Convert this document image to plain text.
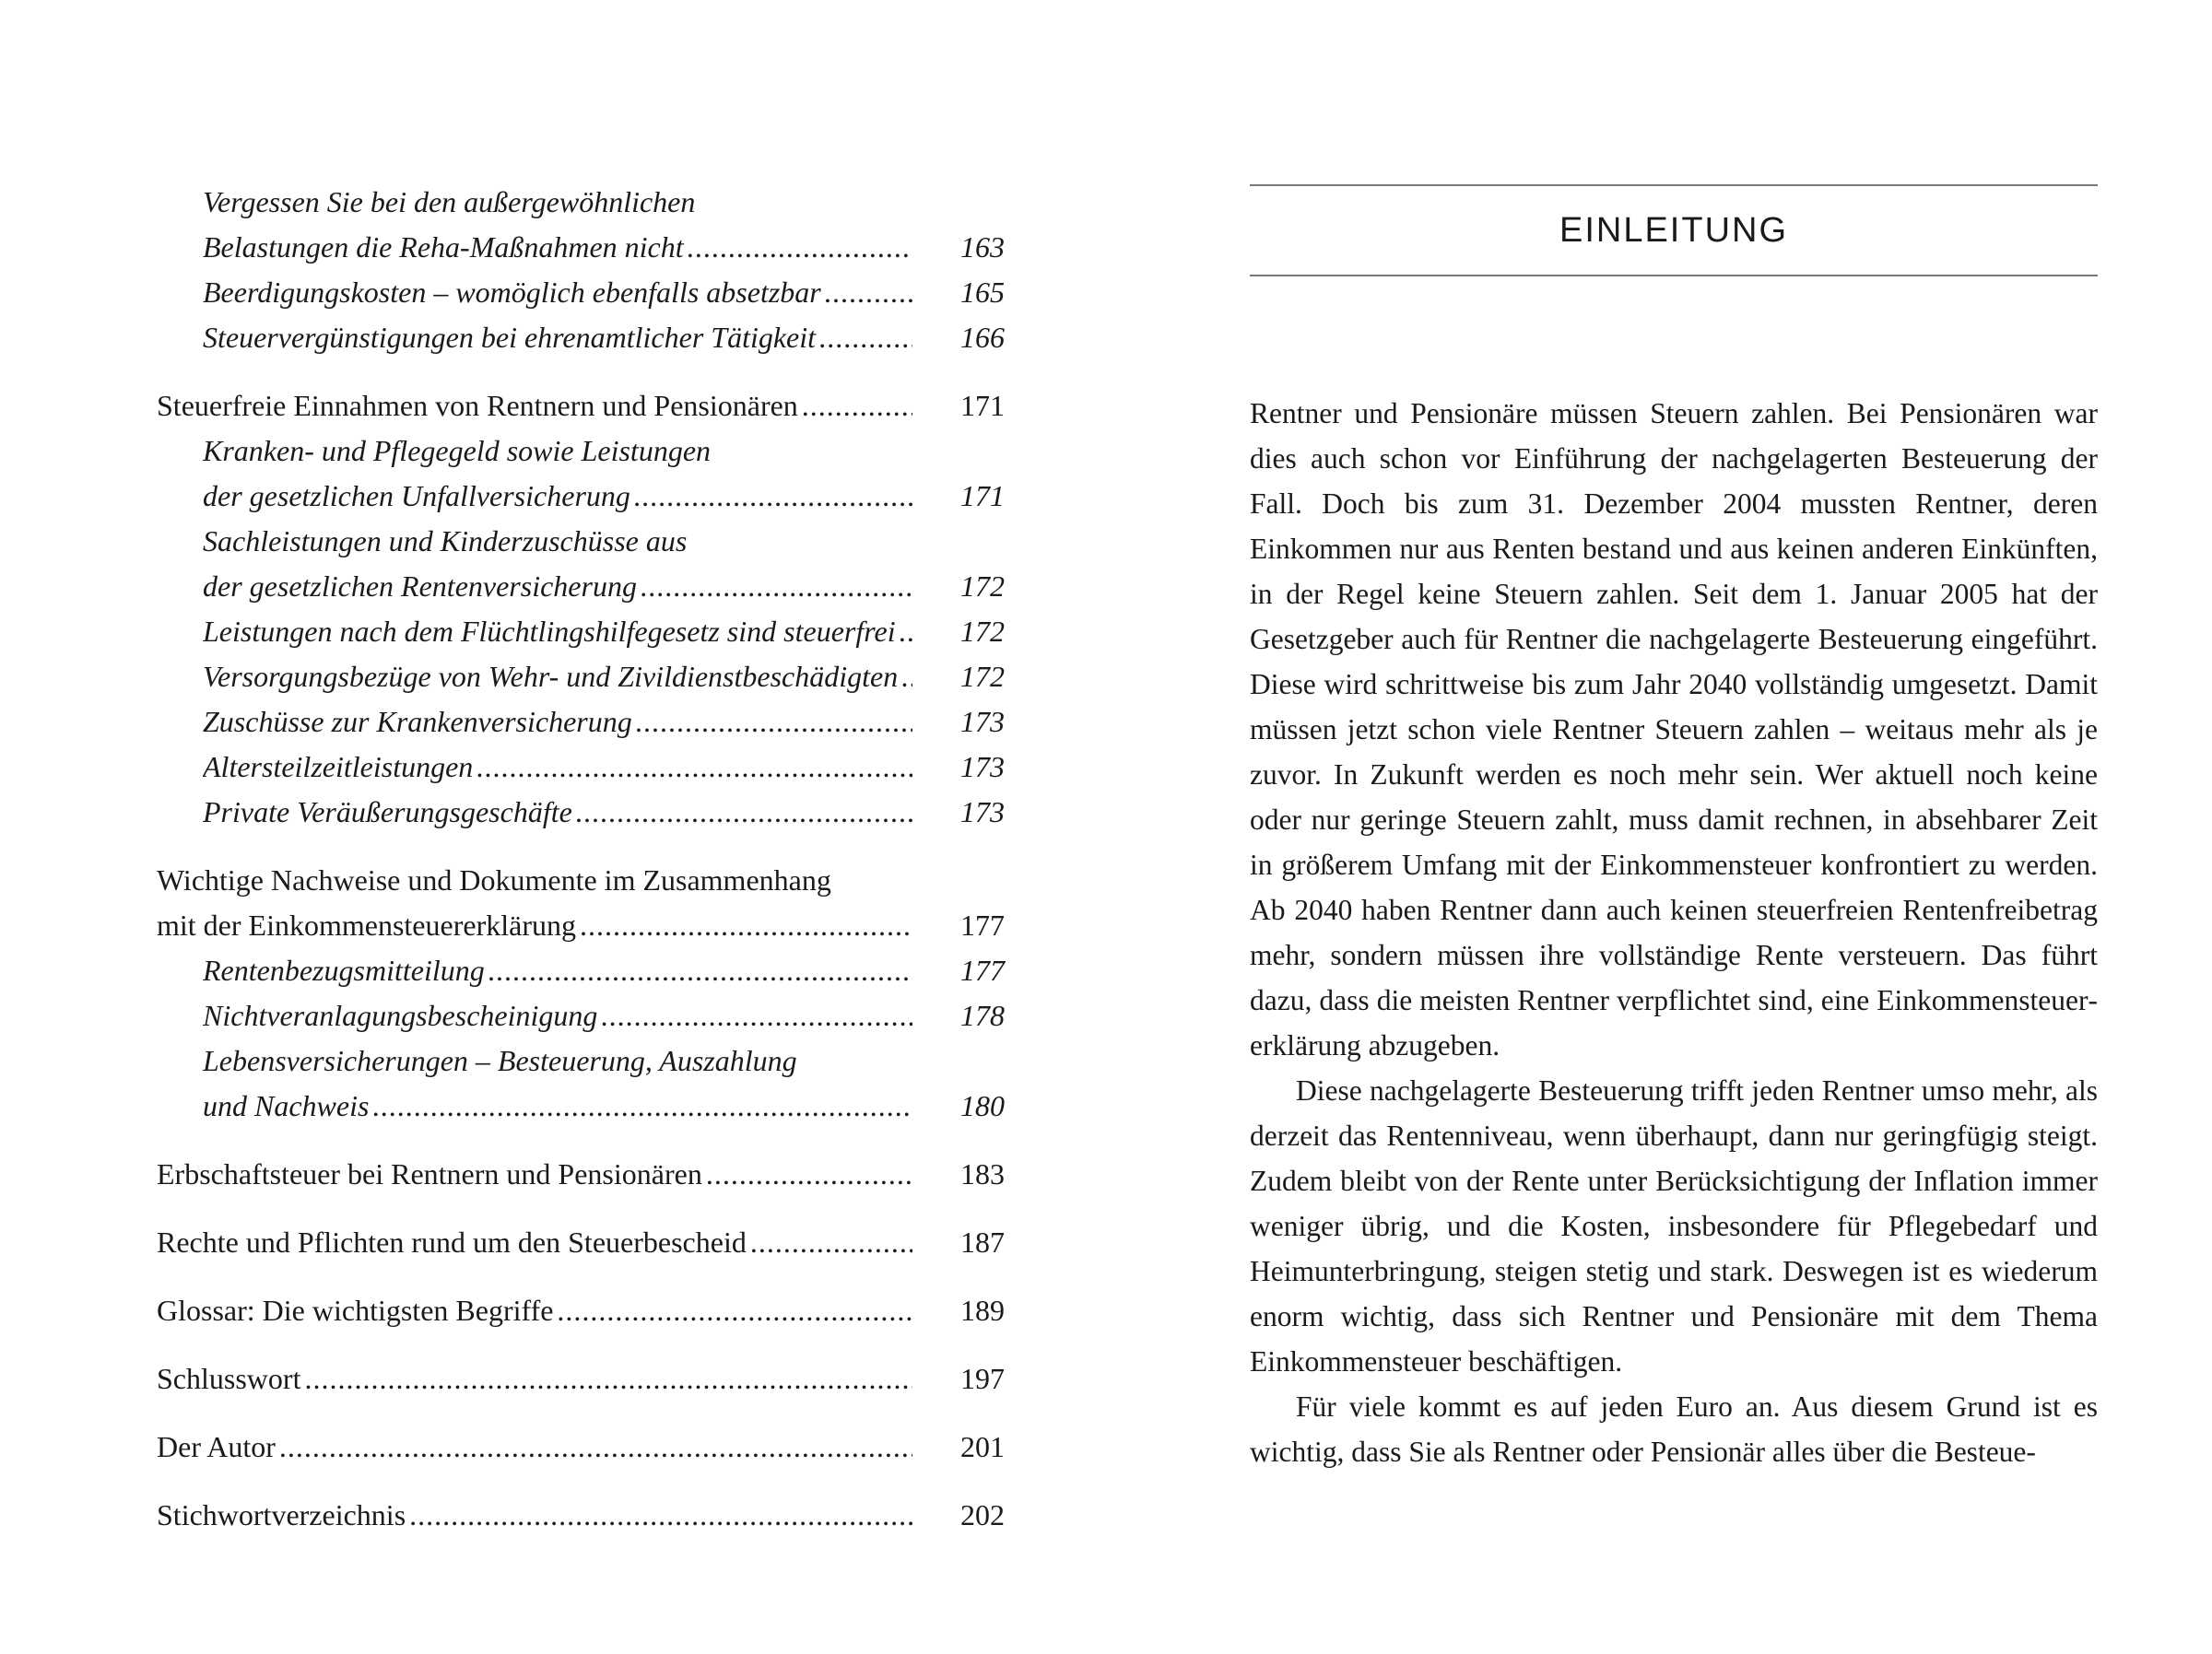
Vergessen Sie bei den außergewöhnlichen
Belastungen die Reha-Maßnahmen nicht .....	163
Beerdigungskosten – womöglich ebenfalls absetzbar .....	165
Steuervergünstigungen bei ehrenamtlicher Tätigkeit .....	166
Steuerfreie Einnahmen von Rentnern und Pensionären .....	171
Kranken- und Pflegegeld sowie Leistungen
der gesetzlichen Unfallversicherung .....	171
Sachleistungen und Kinderzuschüsse aus
der gesetzlichen Rentenversicherung .....	172
Leistungen nach dem Flüchtlingshilfegesetz sind steuerfrei .....	172
Versorgungsbezüge von Wehr- und Zivildienstbeschädigten .....	172
Zuschüsse zur Krankenversicherung .....	173
Altersteilzeitleistungen .....	173
Private Veräußerungsgeschäfte .....	173
Wichtige Nachweise und Dokumente im Zusammenhang
mit der Einkommensteuererklärung .....	177
Rentenbezugsmitteilung .....	177
Nichtveranlagungsbescheinigung .....	178
Lebensversicherungen – Besteuerung, Auszahlung
und Nachweis .....	180
Erbschaftsteuer bei Rentnern und Pensionären .....	183
Rechte und Pflichten rund um den Steuerbescheid .....	187
Glossar: Die wichtigsten Begriffe .....	189
Schlusswort .....	197
Der Autor .....	201
Stichwortverzeichnis .....	202
EINLEITUNG

Rentner und Pensionäre müssen Steuern zahlen. Bei Pensionären war dies auch schon vor Einführung der nachgelagerten Besteuerung der Fall. Doch bis zum 31. Dezember 2004 mussten Rentner, deren Einkommen nur aus Renten bestand und aus keinen anderen Einkünften, in der Regel keine Steuern zahlen. Seit dem 1. Januar 2005 hat der Gesetzgeber auch für Rentner die nachgelagerte Besteuerung eingeführt. Diese wird schrittweise bis zum Jahr 2040 vollständig umgesetzt. Damit müssen jetzt schon viele Rentner Steuern zahlen – weitaus mehr als je zuvor. In Zukunft werden es noch mehr sein. Wer aktuell noch keine oder nur geringe Steuern zahlt, muss damit rechnen, in absehbarer Zeit in größerem Umfang mit der Einkommensteuer konfrontiert zu werden. Ab 2040 haben Rentner dann auch keinen steuerfreien Rentenfreibetrag mehr, sondern müssen ihre vollständige Rente versteuern. Das führt dazu, dass die meisten Rentner verpflichtet sind, eine Einkommensteuererklärung abzugeben.

Diese nachgelagerte Besteuerung trifft jeden Rentner umso mehr, als derzeit das Rentenniveau, wenn überhaupt, dann nur geringfügig steigt. Zudem bleibt von der Rente unter Berücksichtigung der Inflation immer weniger übrig, und die Kosten, insbesondere für Pflegebedarf und Heimunterbringung, steigen stetig und stark. Deswegen ist es wiederum enorm wichtig, dass sich Rentner und Pensionäre mit dem Thema Einkommensteuer beschäftigen.

Für viele kommt es auf jeden Euro an. Aus diesem Grund ist es wichtig, dass Sie als Rentner oder Pensionär alles über die Besteue-
